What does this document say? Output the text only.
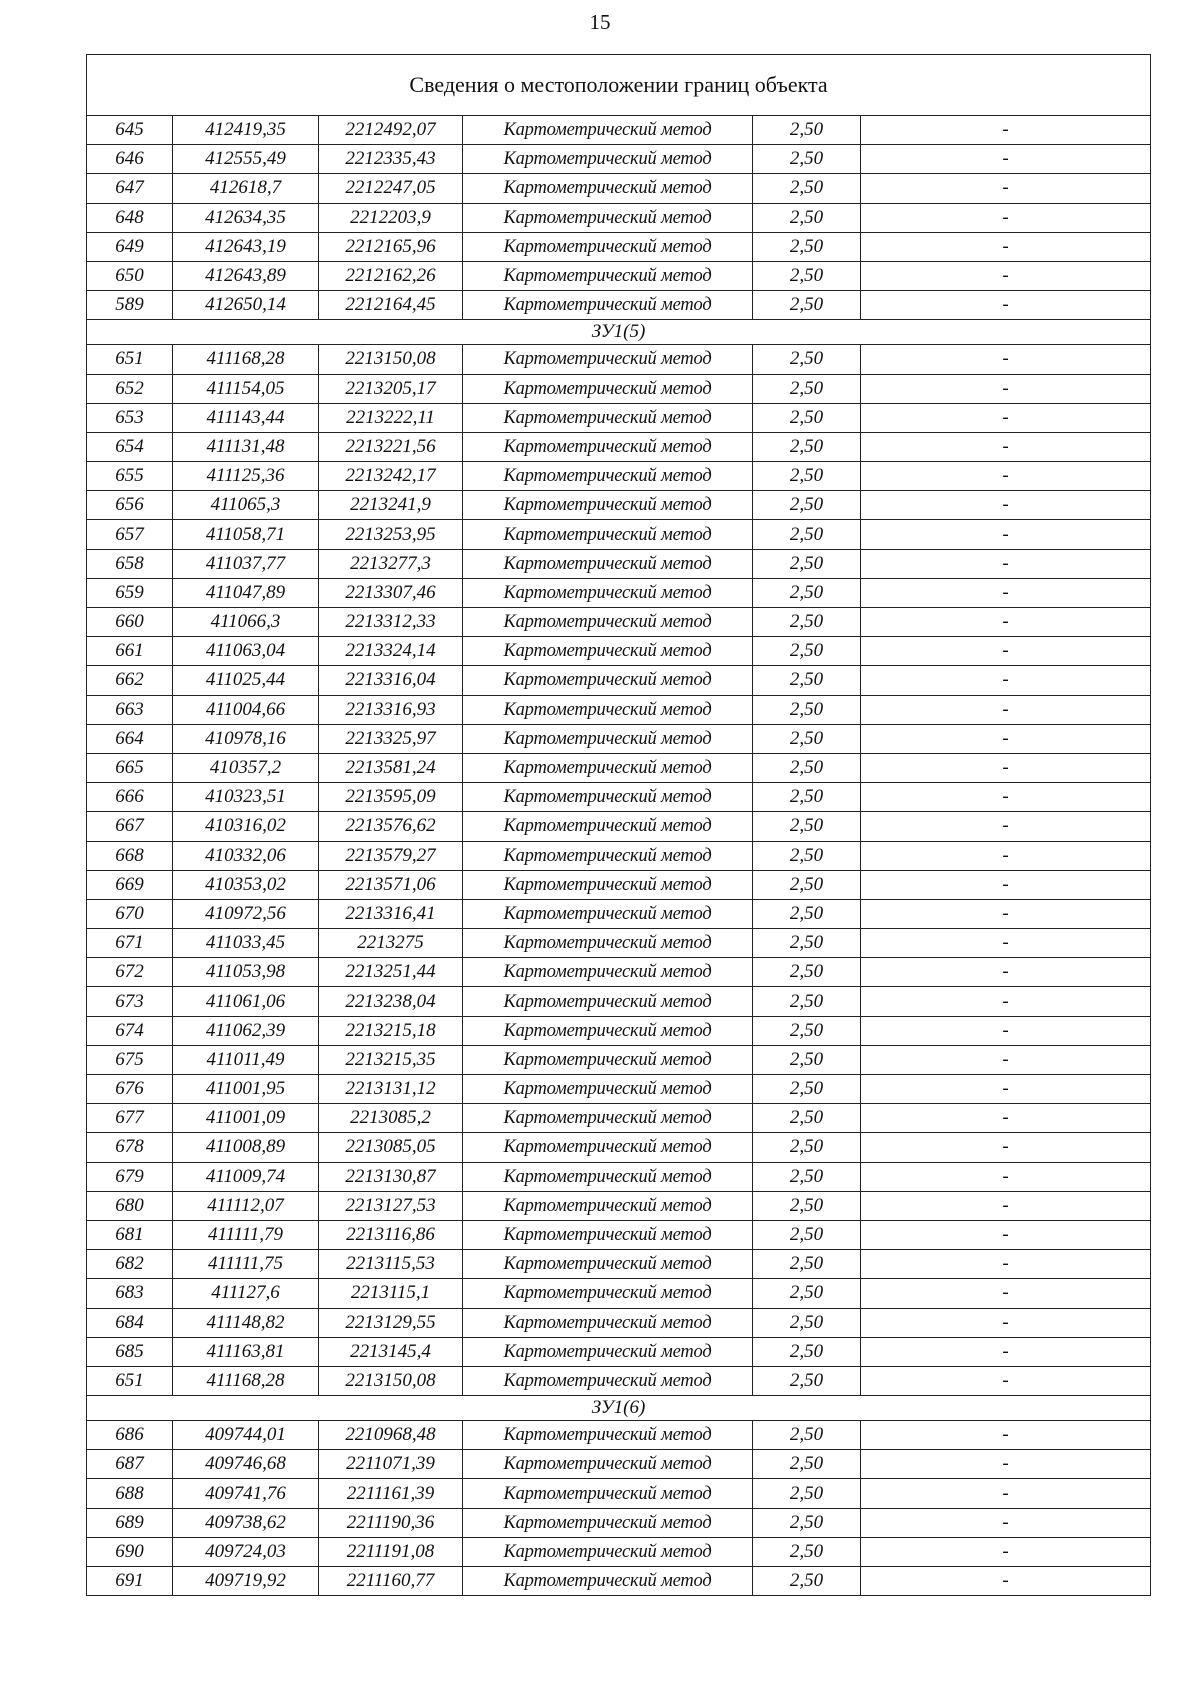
15
Сведения о местоположении границ объекта					
645	412419,35	2212492,07	Картометрический метод	2,50	-
646	412555,49	2212335,43	Картометрический метод	2,50	-
647	412618,7	2212247,05	Картометрический метод	2,50	-
648	412634,35	2212203,9	Картометрический метод	2,50	-
649	412643,19	2212165,96	Картометрический метод	2,50	-
650	412643,89	2212162,26	Картометрический метод	2,50	-
589	412650,14	2212164,45	Картометрический метод	2,50	-
ЗУ1(5)					
651	411168,28	2213150,08	Картометрический метод	2,50	-
652	411154,05	2213205,17	Картометрический метод	2,50	-
653	411143,44	2213222,11	Картометрический метод	2,50	-
654	411131,48	2213221,56	Картометрический метод	2,50	-
655	411125,36	2213242,17	Картометрический метод	2,50	-
656	411065,3	2213241,9	Картометрический метод	2,50	-
657	411058,71	2213253,95	Картометрический метод	2,50	-
658	411037,77	2213277,3	Картометрический метод	2,50	-
659	411047,89	2213307,46	Картометрический метод	2,50	-
660	411066,3	2213312,33	Картометрический метод	2,50	-
661	411063,04	2213324,14	Картометрический метод	2,50	-
662	411025,44	2213316,04	Картометрический метод	2,50	-
663	411004,66	2213316,93	Картометрический метод	2,50	-
664	410978,16	2213325,97	Картометрический метод	2,50	-
665	410357,2	2213581,24	Картометрический метод	2,50	-
666	410323,51	2213595,09	Картометрический метод	2,50	-
667	410316,02	2213576,62	Картометрический метод	2,50	-
668	410332,06	2213579,27	Картометрический метод	2,50	-
669	410353,02	2213571,06	Картометрический метод	2,50	-
670	410972,56	2213316,41	Картометрический метод	2,50	-
671	411033,45	2213275	Картометрический метод	2,50	-
672	411053,98	2213251,44	Картометрический метод	2,50	-
673	411061,06	2213238,04	Картометрический метод	2,50	-
674	411062,39	2213215,18	Картометрический метод	2,50	-
675	411011,49	2213215,35	Картометрический метод	2,50	-
676	411001,95	2213131,12	Картометрический метод	2,50	-
677	411001,09	2213085,2	Картометрический метод	2,50	-
678	411008,89	2213085,05	Картометрический метод	2,50	-
679	411009,74	2213130,87	Картометрический метод	2,50	-
680	411112,07	2213127,53	Картометрический метод	2,50	-
681	411111,79	2213116,86	Картометрический метод	2,50	-
682	411111,75	2213115,53	Картометрический метод	2,50	-
683	411127,6	2213115,1	Картометрический метод	2,50	-
684	411148,82	2213129,55	Картометрический метод	2,50	-
685	411163,81	2213145,4	Картометрический метод	2,50	-
651	411168,28	2213150,08	Картометрический метод	2,50	-
ЗУ1(6)					
686	409744,01	2210968,48	Картометрический метод	2,50	-
687	409746,68	2211071,39	Картометрический метод	2,50	-
688	409741,76	2211161,39	Картометрический метод	2,50	-
689	409738,62	2211190,36	Картометрический метод	2,50	-
690	409724,03	2211191,08	Картометрический метод	2,50	-
691	409719,92	2211160,77	Картометрический метод	2,50	-
